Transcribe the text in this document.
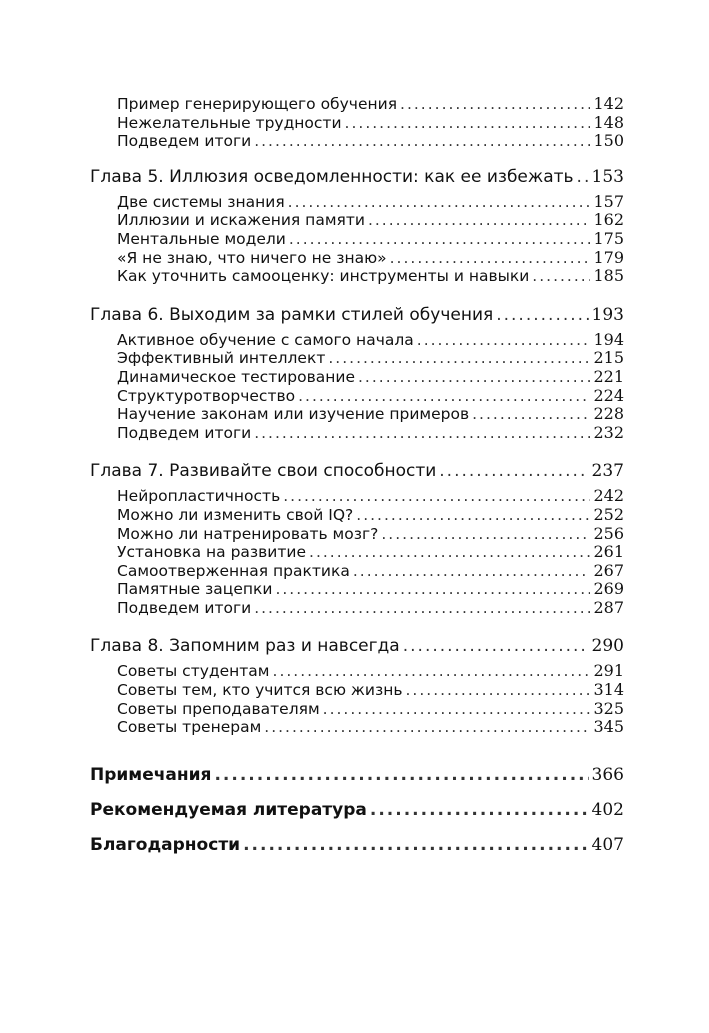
Пример генерирующего обучения .....	142
Нежелательные трудности .....	148
Подведем итоги .....	150
Глава 5. Иллюзия осведомленности: как ее избежать ..... 153
Две системы знания .....	157
Иллюзии и искажения памяти .....	162
Ментальные модели .....	175
«Я не знаю, что ничего не знаю» .....	179
Как уточнить самооценку: инструменты и навыки .....	185
Глава 6. Выходим за рамки стилей обучения .....	193
Активное обучение с самого начала .....	194
Эффективный интеллект .....	215
Динамическое тестирование .....	221
Структуротворчество .....	224
Научение законам или изучение примеров .....	228
Подведем итоги .....	232
Глава 7. Развивайте свои способности .....	237
Нейропластичность .....	242
Можно ли изменить свой IQ? .....	252
Можно ли натренировать мозг? .....	256
Установка на развитие .....	261
Самоотверженная практика .....	267
Памятные зацепки .....	269
Подведем итоги .....	287
Глава 8. Запомним раз и навсегда .....	290
Советы студентам .....	291
Советы тем, кто учится всю жизнь .....	314
Советы преподавателям .....	325
Советы тренерам .....	345
Примечания .....	366
Рекомендуемая литература .....	402
Благодарности .....	407
